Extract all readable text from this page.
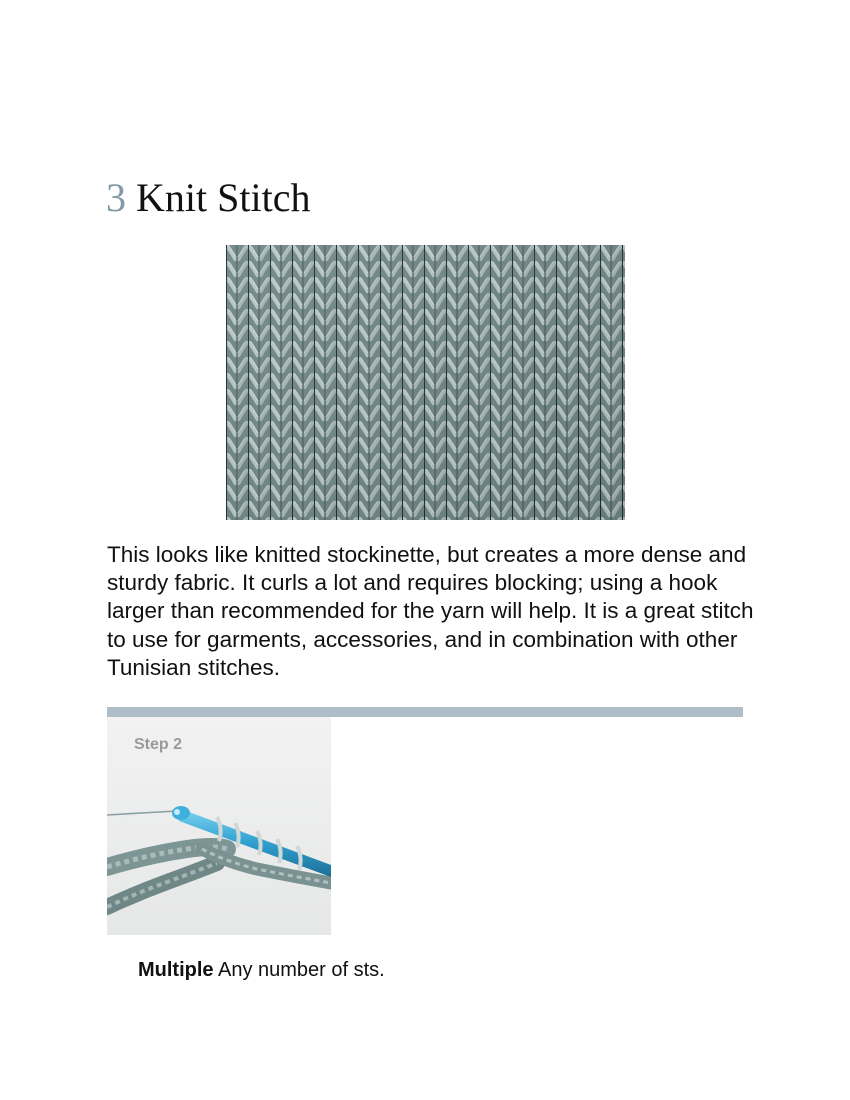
3 Knit Stitch

This looks like knitted stockinette, but creates a more dense and sturdy fabric. It curls a lot and requires blocking; using a hook larger than recommended for the yarn will help. It is a great stitch to use for garments, accessories, and in combination with other Tunisian stitches.

Step 2

Multiple Any number of sts.
